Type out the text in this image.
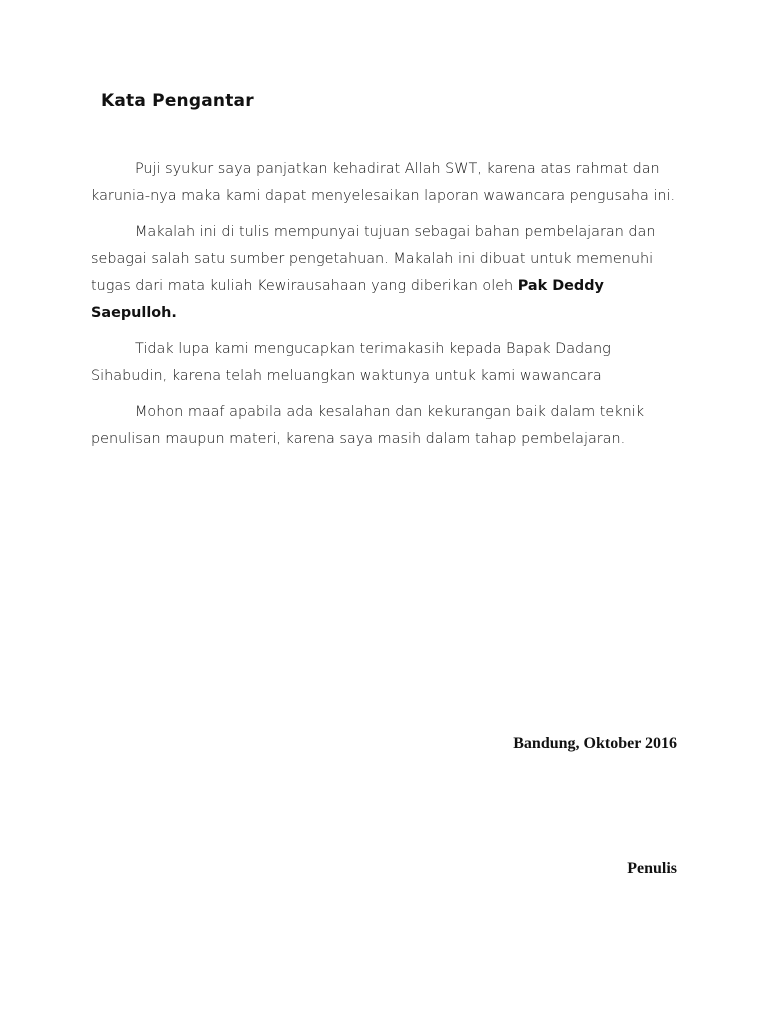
Kata Pengantar

Puji syukur saya panjatkan kehadirat Allah SWT, karena atas rahmat dan karunia-nya maka kami dapat menyelesaikan laporan wawancara pengusaha ini.

Makalah ini di tulis mempunyai tujuan sebagai bahan pembelajaran dan sebagai salah satu sumber pengetahuan. Makalah ini dibuat untuk memenuhi tugas dari mata kuliah Kewirausahaan yang diberikan oleh Pak Deddy Saepulloh.

Tidak lupa kami mengucapkan terimakasih kepada Bapak Dadang Sihabudin, karena telah meluangkan waktunya untuk kami wawancara

Mohon maaf apabila ada kesalahan dan kekurangan baik dalam teknik penulisan maupun materi, karena saya masih dalam tahap pembelajaran.

Bandung, Oktober 2016
Penulis
